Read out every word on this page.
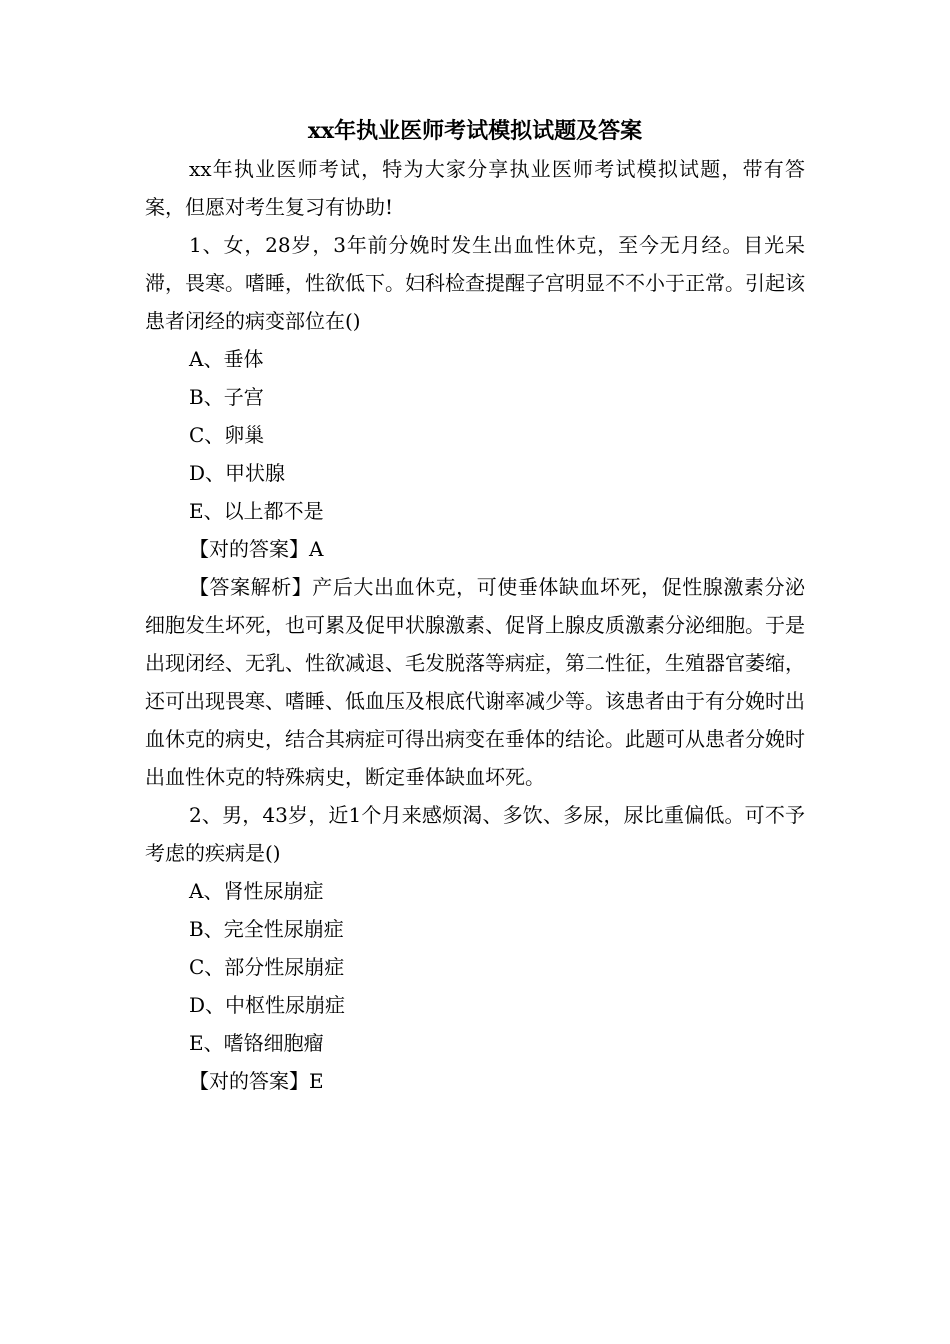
xx年执业医师考试模拟试题及答案

xx年执业医师考试，特为大家分享执业医师考试模拟试题，带有答案，但愿对考生复习有协助!

1、女，28岁，3年前分娩时发生出血性休克，至今无月经。目光呆滞，畏寒。嗜睡，性欲低下。妇科检查提醒子宫明显不不小于正常。引起该患者闭经的病变部位在()

A、垂体

B、子宫

C、卵巢

D、甲状腺

E、以上都不是

【对的答案】A

【答案解析】产后大出血休克，可使垂体缺血坏死，促性腺激素分泌细胞发生坏死，也可累及促甲状腺激素、促肾上腺皮质激素分泌细胞。于是出现闭经、无乳、性欲减退、毛发脱落等病症，第二性征，生殖器官萎缩，还可出现畏寒、嗜睡、低血压及根底代谢率减少等。该患者由于有分娩时出血休克的病史，结合其病症可得出病变在垂体的结论。此题可从患者分娩时出血性休克的特殊病史，断定垂体缺血坏死。

2、男，43岁，近1个月来感烦渴、多饮、多尿，尿比重偏低。可不予考虑的疾病是()

A、肾性尿崩症

B、完全性尿崩症

C、部分性尿崩症

D、中枢性尿崩症

E、嗜铬细胞瘤

【对的答案】E
